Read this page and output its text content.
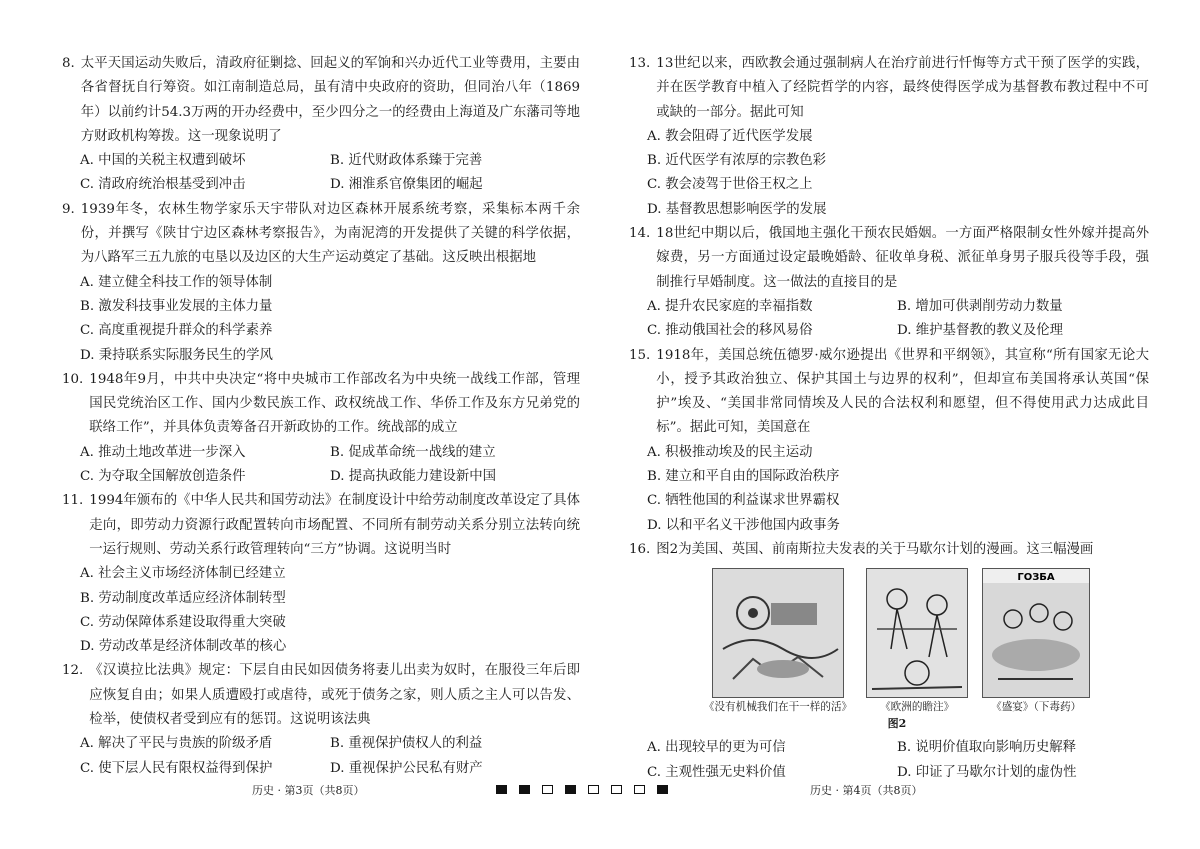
8. 太平天国运动失败后，清政府征剿捻、回起义的军饷和兴办近代工业等费用，主要由各省督抚自行筹资。如江南制造总局，虽有清中央政府的资助，但同治八年（1869年）以前约计54.3万两的开办经费中，至少四分之一的经费由上海道及广东藩司等地方财政机构筹拨。这一现象说明了
A. 中国的关税主权遭到破坏	B. 近代财政体系臻于完善
C. 清政府统治根基受到冲击	D. 湘淮系官僚集团的崛起
9. 1939年冬，农林生物学家乐天宇带队对边区森林开展系统考察，采集标本两千余份，并撰写《陕甘宁边区森林考察报告》，为南泥湾的开发提供了关键的科学依据，为八路军三五九旅的屯垦以及边区的大生产运动奠定了基础。这反映出根据地
A. 建立健全科技工作的领导体制
B. 激发科技事业发展的主体力量
C. 高度重视提升群众的科学素养
D. 秉持联系实际服务民生的学风
10. 1948年9月，中共中央决定“将中央城市工作部改名为中央统一战线工作部，管理国民党统治区工作、国内少数民族工作、政权统战工作、华侨工作及东方兄弟党的联络工作”，并具体负责筹备召开新政协的工作。统战部的成立
A. 推动土地改革进一步深入	B. 促成革命统一战线的建立
C. 为夺取全国解放创造条件	D. 提高执政能力建设新中国
11. 1994年颁布的《中华人民共和国劳动法》在制度设计中给劳动制度改革设定了具体走向，即劳动力资源行政配置转向市场配置、不同所有制劳动关系分别立法转向统一运行规则、劳动关系行政管理转向“三方”协调。这说明当时
A. 社会主义市场经济体制已经建立
B. 劳动制度改革适应经济体制转型
C. 劳动保障体系建设取得重大突破
D. 劳动改革是经济体制改革的核心
12. 《汉谟拉比法典》规定：下层自由民如因债务将妻儿出卖为奴时，在服役三年后即应恢复自由；如果人质遭殴打或虐待，或死于债务之家，则人质之主人可以告发、检举，使债权者受到应有的惩罚。这说明该法典
A. 解决了平民与贵族的阶级矛盾	B. 重视保护债权人的利益
C. 使下层人民有限权益得到保护	D. 重视保护公民私有财产
13. 13世纪以来，西欧教会通过强制病人在治疗前进行忏悔等方式干预了医学的实践，并在医学教育中植入了经院哲学的内容，最终使得医学成为基督教布教过程中不可或缺的一部分。据此可知
A. 教会阻碍了近代医学发展
B. 近代医学有浓厚的宗教色彩
C. 教会凌驾于世俗王权之上
D. 基督教思想影响医学的发展
14. 18世纪中期以后，俄国地主强化干预农民婚姻。一方面严格限制女性外嫁并提高外嫁费，另一方面通过设定最晚婚龄、征收单身税、派征单身男子服兵役等手段，强制推行早婚制度。这一做法的直接目的是
A. 提升农民家庭的幸福指数	B. 增加可供剥削劳动力数量
C. 推动俄国社会的移风易俗	D. 维护基督教的教义及伦理
15. 1918年，美国总统伍德罗·威尔逊提出《世界和平纲领》，其宣称“所有国家无论大小，授予其政治独立、保护其国土与边界的权利”，但却宣布美国将承认英国“保护”埃及、“美国非常同情埃及人民的合法权利和愿望，但不得使用武力达成此目标”。据此可知，美国意在
A. 积极推动埃及的民主运动
B. 建立和平自由的国际政治秩序
C. 牺牲他国的利益谋求世界霸权
D. 以和平名义干涉他国内政事务
16. 图2为美国、英国、前南斯拉夫发表的关于马歇尔计划的漫画。这三幅漫画
《没有机械我们在干一样的活》	《欧洲的瞻注》
ГОЗБА
《盛宴》（下毒药）
图2
A. 出现较早的更为可信	B. 说明价值取向影响历史解释
C. 主观性强无史料价值	D. 印证了马歇尔计划的虚伪性
历史 · 第3页（共8页）	历史 · 第4页（共8页）
